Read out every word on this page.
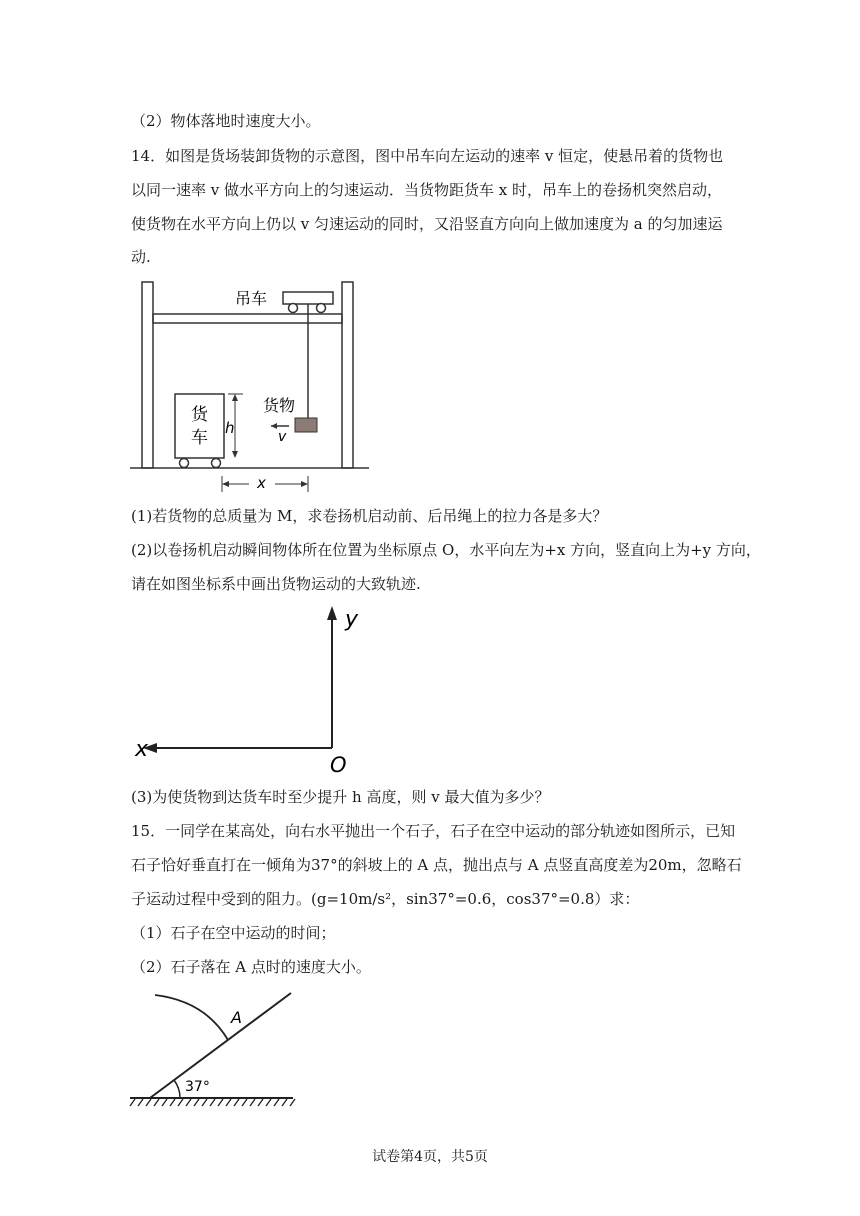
（2）物体落地时速度大小。
14．如图是货场装卸货物的示意图，图中吊车向左运动的速率 v 恒定，使悬吊着的货物也
以同一速率 v 做水平方向上的匀速运动．当货物距货车 x 时，吊车上的卷扬机突然启动，
使货物在水平方向上仍以 v 匀速运动的同时，又沿竖直方向向上做加速度为 a 的匀加速运
动.
吊车
货物
v
货
车 h
x
(1)若货物的总质量为 M，求卷扬机启动前、后吊绳上的拉力各是多大？
(2)以卷扬机启动瞬间物体所在位置为坐标原点 O，水平向左为+x 方向，竖直向上为+y 方向，
请在如图坐标系中画出货物运动的大致轨迹.
y
x
O
(3)为使货物到达货车时至少提升 h 高度，则 v 最大值为多少？
15．一同学在某高处，向右水平抛出一个石子，石子在空中运动的部分轨迹如图所示，已知
石子恰好垂直打在一倾角为37°的斜坡上的 A 点，抛出点与 A 点竖直高度差为20m，忽略石
子运动过程中受到的阻力。(g=10m/s²，sin37°=0.6，cos37°=0.8）求：
（1）石子在空中运动的时间；
（2）石子落在 A 点时的速度大小。
A
37°
试卷第4页，共5页
